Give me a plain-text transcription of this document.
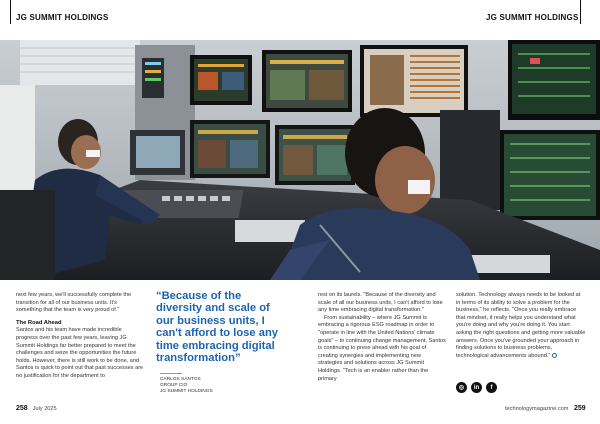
JG SUMMIT HOLDINGS	JG SUMMIT HOLDINGS

next few years, we'll successfully complete the transition for all of our business units. It's something that the team is very proud of."

The Road Ahead

Santos and his team have made incredible progress over the past few years, leaving JG Summit Holdings far better prepared to meet the challenges and seize the opportunities the future holds. However, there is still work to be done, and Santos is quick to point out that past successes are no justification for the department to

“Because of the diversity and scale of our business units, I can't afford to lose any time embracing digital transformation”
CARLOS SANTOS
GROUP CIO
JG SUMMIT HOLDINGS

rest on its laurels. "Because of the diversity and scale of all our business units, I can't afford to lose any time embracing digital transformation."

From sustainability – where JG Summit is embracing a rigorous ESG roadmap in order to "operate in line with the United Nations' climate goals" – to continuing change management, Santos is continuing to press ahead with his goal of creating synergies and implementing new strategies and solutions across JG Summit Holdings. "Tech is an enabler rather than the primary

solution. Technology always needs to be looked at in terms of its ability to solve a problem for the business," he reflects. "Once you really embrace that mindset, it really helps you understand what you're doing and why you're doing it. You start asking the right questions and getting more valuable answers. Once you've grounded your approach in finding solutions to business problems, technological advancements abound."

◎	in	f
258 July 2025	technologymagazine.com 259
